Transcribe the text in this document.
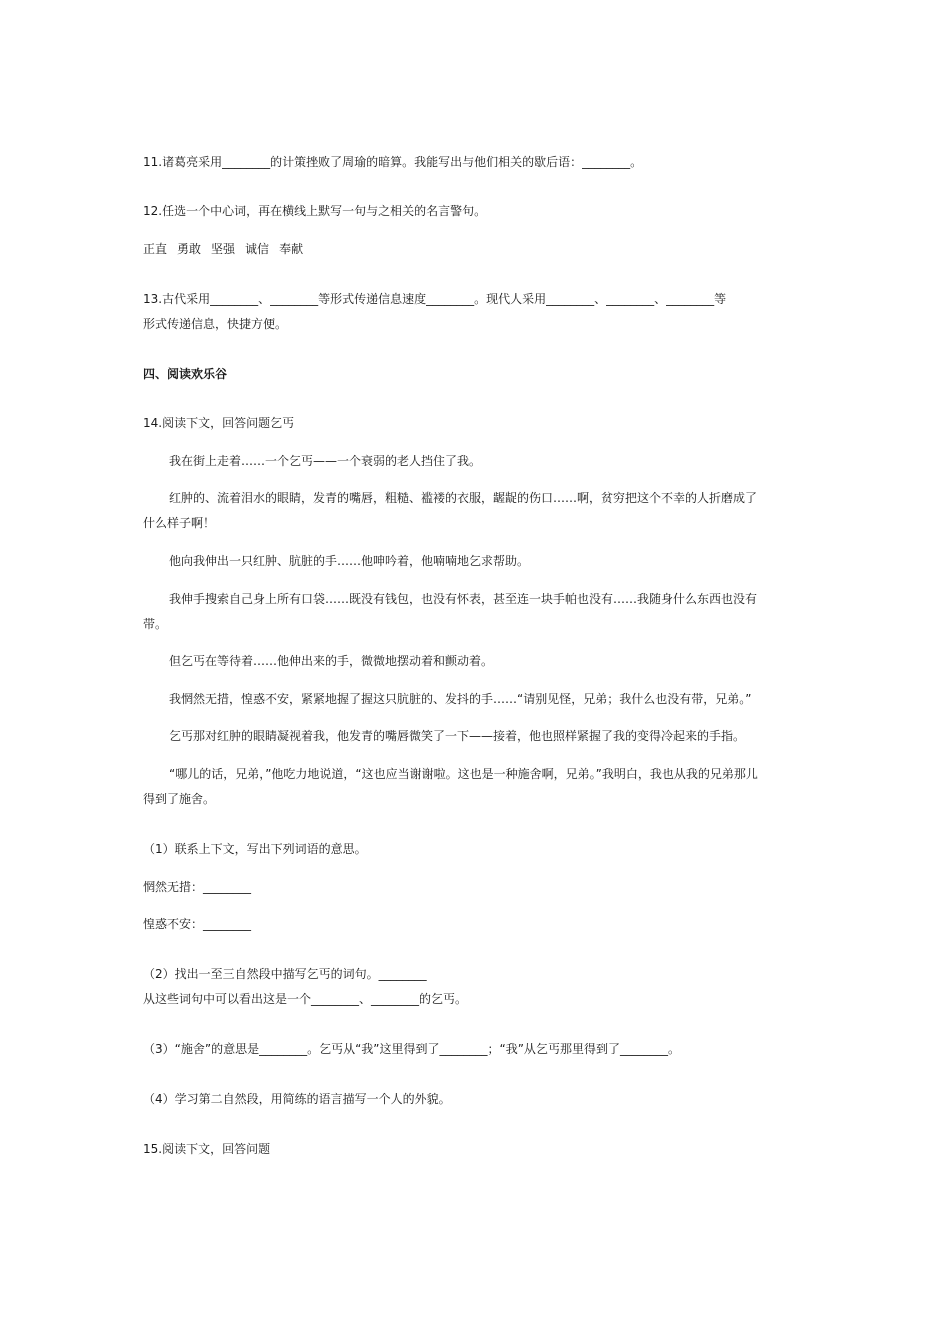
11.诸葛亮采用________的计策挫败了周瑜的暗算。我能写出与他们相关的歇后语：________。
12.任选一个中心词，再在横线上默写一句与之相关的名言警句。
正直 勇敢 坚强 诚信 奉献
13.古代采用________、________等形式传递信息速度________。现代人采用________、________、________等
形式传递信息，快捷方便。
四、阅读欢乐谷
14.阅读下文，回答问题乞丐
我在街上走着……一个乞丐——一个衰弱的老人挡住了我。
红肿的、流着泪水的眼睛，发青的嘴唇，粗糙、褴褛的衣服，龌龊的伤口……啊，贫穷把这个不幸的人折磨成了
什么样子啊！
他向我伸出一只红肿、肮脏的手……他呻吟着，他喃喃地乞求帮助。
我伸手搜索自己身上所有口袋……既没有钱包，也没有怀表，甚至连一块手帕也没有……我随身什么东西也没有
带。
但乞丐在等待着……他伸出来的手，微微地摆动着和颤动着。
我惘然无措，惶惑不安，紧紧地握了握这只肮脏的、发抖的手……“请别见怪，兄弟；我什么也没有带，兄弟。”
乞丐那对红肿的眼睛凝视着我，他发青的嘴唇微笑了一下——接着，他也照样紧握了我的变得冷起来的手指。
“哪儿的话，兄弟，”他吃力地说道，“这也应当谢谢啦。这也是一种施舍啊，兄弟。”我明白，我也从我的兄弟那儿
得到了施舍。
（1）联系上下文，写出下列词语的意思。
惘然无措：________
惶惑不安：________
（2）找出一至三自然段中描写乞丐的词句。________
从这些词句中可以看出这是一个________、________的乞丐。
（3）“施舍”的意思是________。乞丐从“我”这里得到了________；“我”从乞丐那里得到了________。
（4）学习第二自然段，用简练的语言描写一个人的外貌。
15.阅读下文，回答问题
